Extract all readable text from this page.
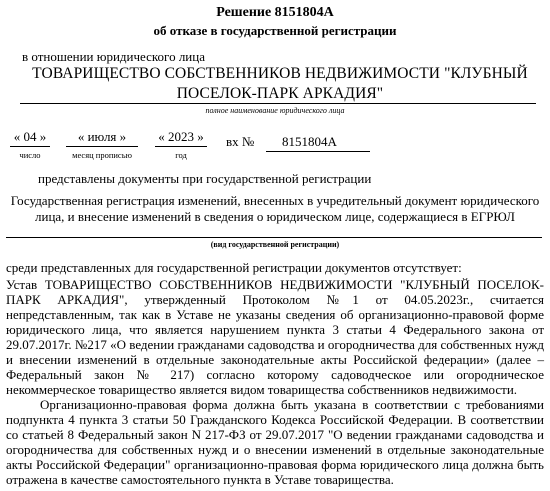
Решение 8151804А
об отказе в государственной регистрации
в отношении юридического лица
ТОВАРИЩЕСТВО СОБСТВЕННИКОВ НЕДВИЖИМОСТИ "КЛУБНЫЙ
ПОСЕЛОК-ПАРК АРКАДИЯ"
полное наименование юридического лица
« 04 »
число
« июля »
месяц прописью
« 2023 »
год
вх № 8151804А
представлены документы при государственной регистрации
Государственная регистрация изменений, внесенных в учредительный документ юридического
лица, и внесение изменений в сведения о юридическом лице, содержащиеся в ЕГРЮЛ
(вид государственной регистрации)
среди представленных для государственной регистрации документов отсутствует:
Устав ТОВАРИЩЕСТВО СОБСТВЕННИКОВ НЕДВИЖИМОСТИ "КЛУБНЫЙ ПОСЕЛОК-
ПАРК АРКАДИЯ", утвержденный Протоколом №1 от 04.05.2023г., считается
непредставленным, так как в Уставе не указаны сведения об организационно-правовой форме
юридического лица, что является нарушением пункта 3 статьи 4 Федерального закона от
29.07.2017г. №217 «О ведении гражданами садоводства и огородничества для собственных нужд
и внесении изменений в отдельные законодательные акты Российской федерации» (далее –
Федеральный закон № 217) согласно которому садоводческое или огородническое
некоммерческое товарищество является видом товарищества собственников недвижимости.
Организационно-правовая форма должна быть указана в соответствии с требованиями
подпункта 4 пункта 3 статьи 50 Гражданского Кодекса Российской Федерации. В соответствии
со статьей 8 Федеральный закон N 217-ФЗ от 29.07.2017 "О ведении гражданами садоводства и
огородничества для собственных нужд и о внесении изменений в отдельные законодательные
акты Российской Федерации" организационно-правовая форма юридического лица должна быть
отражена в качестве самостоятельного пункта в Уставе товарищества.
